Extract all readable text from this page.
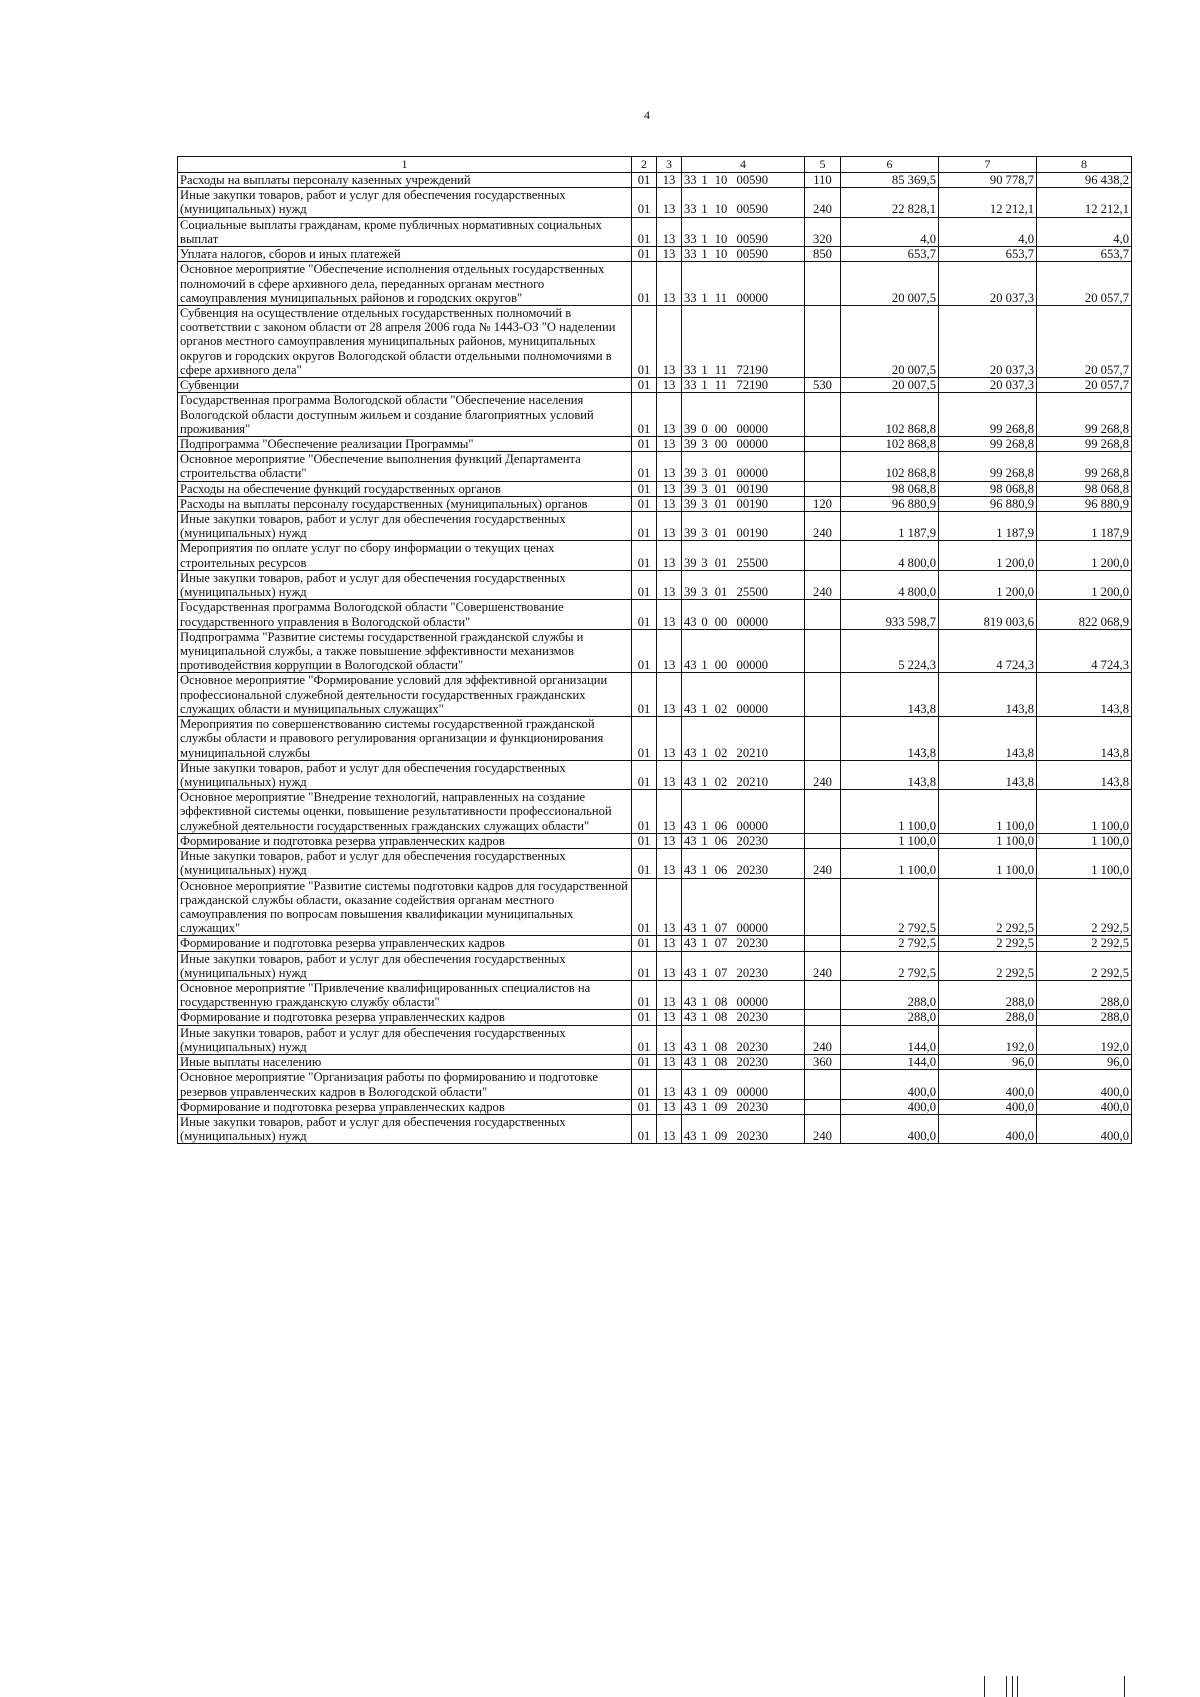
4
1	2	3	4	5	6	7	8
Расходы на выплаты персоналу казенных учреждений	01	13	33 1 10 00590	110	85 369,5	90 778,7	96 438,2
Иные закупки товаров, работ и услуг для обеспечения государственных (муниципальных) нужд	01	13	33 1 10 00590	240	22 828,1	12 212,1	12 212,1
Социальные выплаты гражданам, кроме публичных нормативных социальных выплат	01	13	33 1 10 00590	320	4,0	4,0	4,0
Уплата налогов, сборов и иных платежей	01	13	33 1 10 00590	850	653,7	653,7	653,7
Основное мероприятие "Обеспечение исполнения отдельных государственных полномочий в сфере архивного дела, переданных органам местного самоуправления муниципальных районов и городских округов"	01	13	33 1 11 00000		20 007,5	20 037,3	20 057,7
Субвенция на осуществление отдельных государственных полномочий в соответствии с законом области от 28 апреля 2006 года № 1443-ОЗ "О наделении органов местного самоуправления муниципальных районов, муниципальных округов и городских округов Вологодской области отдельными полномочиями в сфере архивного дела"	01	13	33 1 11 72190		20 007,5	20 037,3	20 057,7
Субвенции	01	13	33 1 11 72190	530	20 007,5	20 037,3	20 057,7
Государственная программа Вологодской области "Обеспечение населения Вологодской области доступным жильем и создание благоприятных условий проживания"	01	13	39 0 00 00000		102 868,8	99 268,8	99 268,8
Подпрограмма "Обеспечение реализации Программы"	01	13	39 3 00 00000		102 868,8	99 268,8	99 268,8
Основное мероприятие "Обеспечение выполнения функций Департамента строительства области"	01	13	39 3 01 00000		102 868,8	99 268,8	99 268,8
Расходы на обеспечение функций государственных органов	01	13	39 3 01 00190		98 068,8	98 068,8	98 068,8
Расходы на выплаты персоналу государственных (муниципальных) органов	01	13	39 3 01 00190	120	96 880,9	96 880,9	96 880,9
Иные закупки товаров, работ и услуг для обеспечения государственных (муниципальных) нужд	01	13	39 3 01 00190	240	1 187,9	1 187,9	1 187,9
Мероприятия по оплате услуг по сбору информации о текущих ценах строительных ресурсов	01	13	39 3 01 25500		4 800,0	1 200,0	1 200,0
Иные закупки товаров, работ и услуг для обеспечения государственных (муниципальных) нужд	01	13	39 3 01 25500	240	4 800,0	1 200,0	1 200,0
Государственная программа Вологодской области "Совершенствование государственного управления в Вологодской области"	01	13	43 0 00 00000		933 598,7	819 003,6	822 068,9
Подпрограмма "Развитие системы государственной гражданской службы и муниципальной службы, а также повышение эффективности механизмов противодействия коррупции в Вологодской области"	01	13	43 1 00 00000		5 224,3	4 724,3	4 724,3
Основное мероприятие "Формирование условий для эффективной организации профессиональной служебной деятельности государственных гражданских служащих области и муниципальных служащих"	01	13	43 1 02 00000		143,8	143,8	143,8
Мероприятия по совершенствованию системы государственной гражданской службы области и правового регулирования организации и функционирования муниципальной службы	01	13	43 1 02 20210		143,8	143,8	143,8
Иные закупки товаров, работ и услуг для обеспечения государственных (муниципальных) нужд	01	13	43 1 02 20210	240	143,8	143,8	143,8
Основное мероприятие "Внедрение технологий, направленных на создание эффективной системы оценки, повышение результативности профессиональной служебной деятельности государственных гражданских служащих области"	01	13	43 1 06 00000		1 100,0	1 100,0	1 100,0
Формирование и подготовка резерва управленческих кадров	01	13	43 1 06 20230		1 100,0	1 100,0	1 100,0
Иные закупки товаров, работ и услуг для обеспечения государственных (муниципальных) нужд	01	13	43 1 06 20230	240	1 100,0	1 100,0	1 100,0
Основное мероприятие "Развитие системы подготовки кадров для государственной гражданской службы области, оказание содействия органам местного самоуправления по вопросам повышения квалификации муниципальных служащих"	01	13	43 1 07 00000		2 792,5	2 292,5	2 292,5
Формирование и подготовка резерва управленческих кадров	01	13	43 1 07 20230		2 792,5	2 292,5	2 292,5
Иные закупки товаров, работ и услуг для обеспечения государственных (муниципальных) нужд	01	13	43 1 07 20230	240	2 792,5	2 292,5	2 292,5
Основное мероприятие "Привлечение квалифицированных специалистов на государственную гражданскую службу области"	01	13	43 1 08 00000		288,0	288,0	288,0
Формирование и подготовка резерва управленческих кадров	01	13	43 1 08 20230		288,0	288,0	288,0
Иные закупки товаров, работ и услуг для обеспечения государственных (муниципальных) нужд	01	13	43 1 08 20230	240	144,0	192,0	192,0
Иные выплаты населению	01	13	43 1 08 20230	360	144,0	96,0	96,0
Основное мероприятие "Организация работы по формированию и подготовке резервов управленческих кадров в Вологодской области"	01	13	43 1 09 00000		400,0	400,0	400,0
Формирование и подготовка резерва управленческих кадров	01	13	43 1 09 20230		400,0	400,0	400,0
Иные закупки товаров, работ и услуг для обеспечения государственных (муниципальных) нужд	01	13	43 1 09 20230	240	400,0	400,0	400,0
